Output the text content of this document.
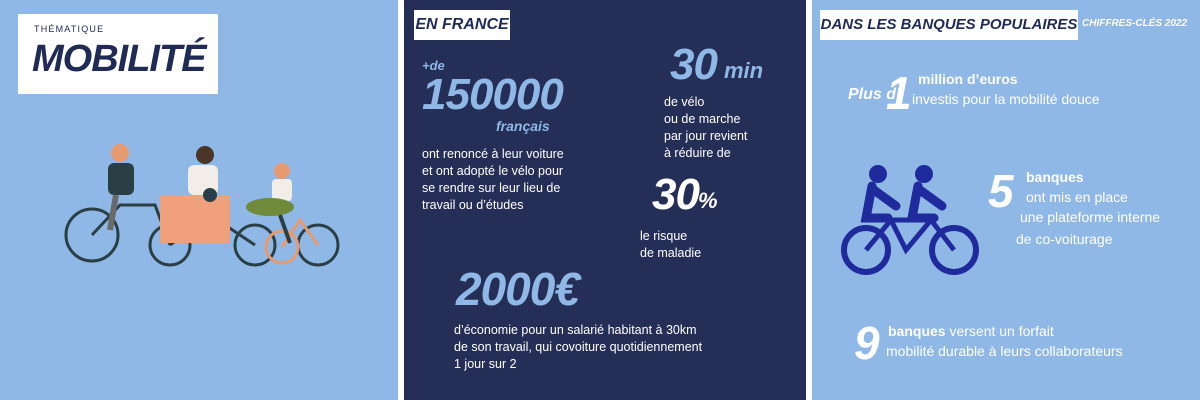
THÉMATIQUE
MOBILITÉ
EN FRANCE
+de
150000
français
ont renoncé à leur voiture
et ont adopté le vélo pour
se rendre sur leur lieu de
travail ou d’études
30 min
de vélo
ou de marche
par jour revient
à réduire de
30 %
le risque
de maladie
2000€
d’économie pour un salarié habitant à 30km
de son travail, qui covoiture quotidiennement
1 jour sur 2
DANS LES BANQUES POPULAIRES CHIFFRES-CLÉS 2022
Plus d’
1 million d’euros
investis pour la mobilité douce
5 banques
ont mis en place
une plateforme interne
de co-voiturage
9 banques versent un forfait
mobilité durable à leurs collaborateurs
